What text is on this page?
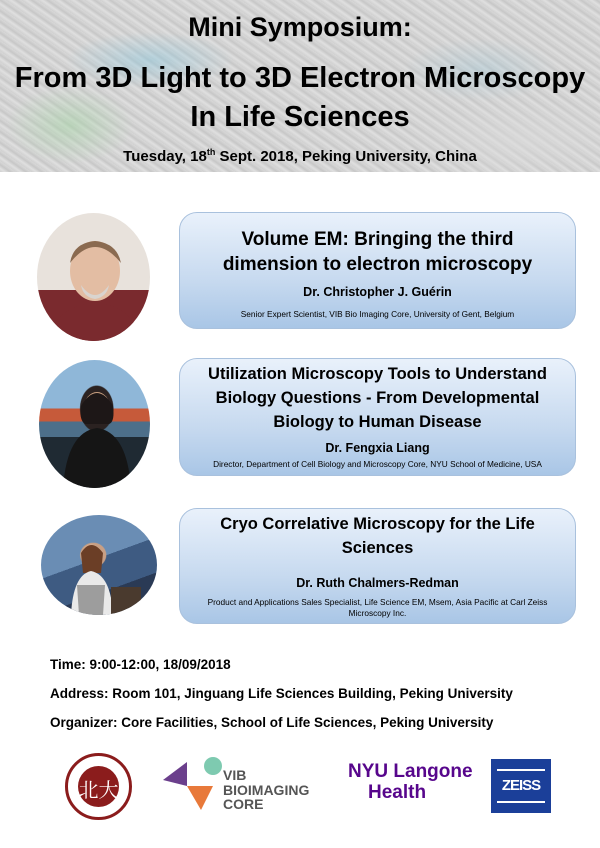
Mini Symposium:
From 3D Light to 3D Electron Microscopy
In Life Sciences
Tuesday, 18th Sept. 2018, Peking University, China
Volume EM: Bringing the third dimension to electron microscopy
Dr. Christopher J. Guérin
Senior Expert Scientist, VIB Bio Imaging Core, University of Gent, Belgium
Utilization Microscopy Tools to Understand Biology Questions - From Developmental Biology to Human Disease
Dr. Fengxia Liang
Director, Department of Cell Biology and Microscopy Core, NYU School of Medicine, USA
Cryo Correlative Microscopy for the Life Sciences
Dr. Ruth Chalmers-Redman
Product and Applications Sales Specialist, Life Science EM, Msem, Asia Pacific at Carl Zeiss Microscopy Inc.
Time: 9:00-12:00, 18/09/2018
Address: Room 101, Jinguang Life Sciences Building, Peking University
Organizer: Core Facilities, School of Life Sciences, Peking University
北大
VIB
BIOIMAGING
CORE
NYU Langone
Health	ZEISS
